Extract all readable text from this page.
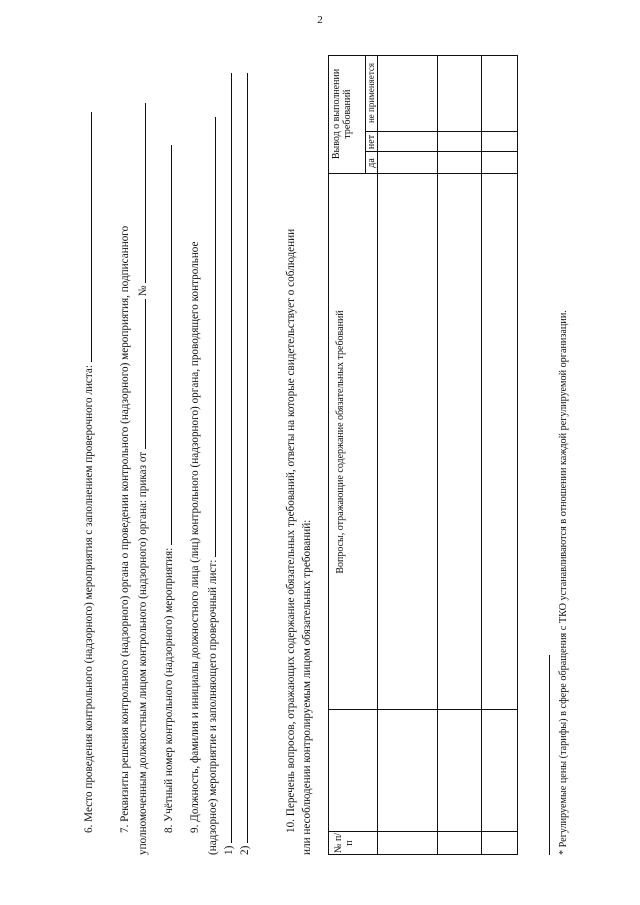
2
6. Место проведения контрольного (надзорного) мероприятия с заполнением проверочного листа: 7. Реквизиты решения контрольного (надзорного) органа о проведении контрольного (надзорного) мероприятия, подписанного уполномоченным должностным лицом контрольного (надзорного) органа: приказ от  №
8. Учётный номер контрольного (надзорного) мероприятия: 9. Должность, фамилия и инициалы должностного лица (лиц) контрольного (надзорного) органа, проводящего контрольное (надзорное) мероприятие и заполняющего проверочный лист: 1) 2)
10. Перечень вопросов, отражающих содержание обязательных требований, ответы на которые свидетельствует о соблюдении или несоблюдении контролируемым лицом обязательных требований: № п/п
Вопросы, отражающие содержание обязательных требований
Вывод о выполнении требований
да
нет
не применяется
* Регулируемые цены (тарифы) в сфере обращения с ТКО устанавливаются в отношении каждой регулируемой организации.
